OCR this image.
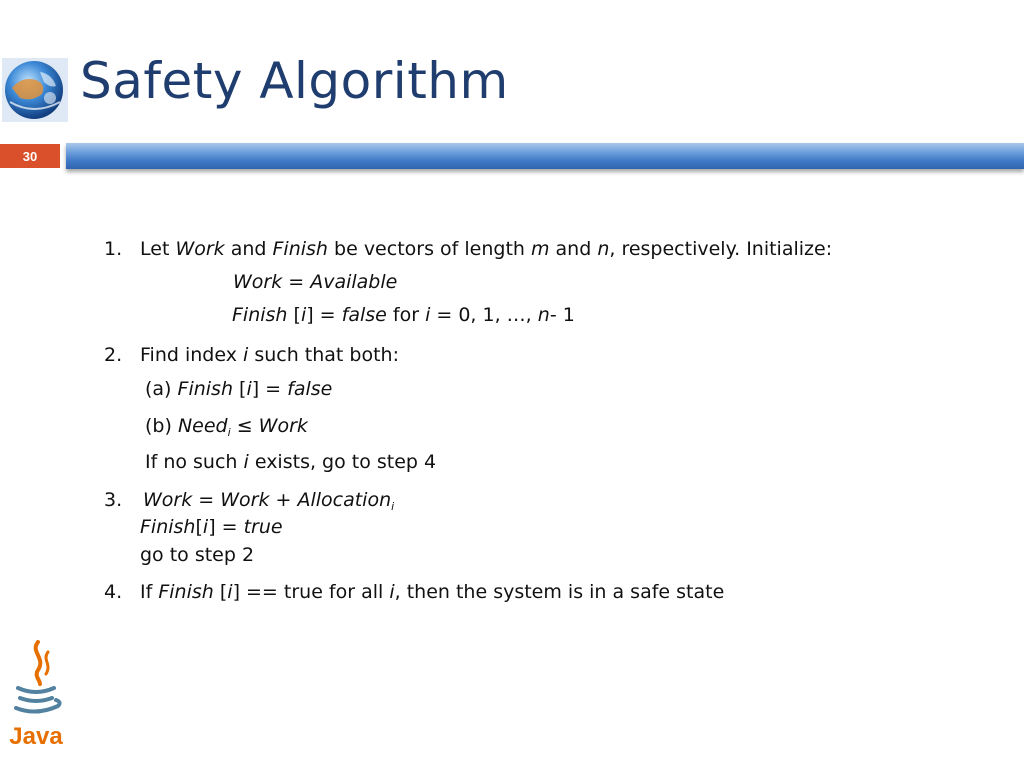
Safety Algorithm
30
1. Let Work and Finish be vectors of length m and n, respectively. Initialize:
Work = Available
Finish [i] = false for i = 0, 1, …, n- 1
2. Find index i such that both:
(a) Finish [i] = false
(b) Need$_i$ ≤ Work
If no such i exists, go to step 4
3. Work = Work + Allocation$_i$
Finish[i] = true
go to step 2
4. If Finish [i] == true for all i, then the system is in a safe state
Java
